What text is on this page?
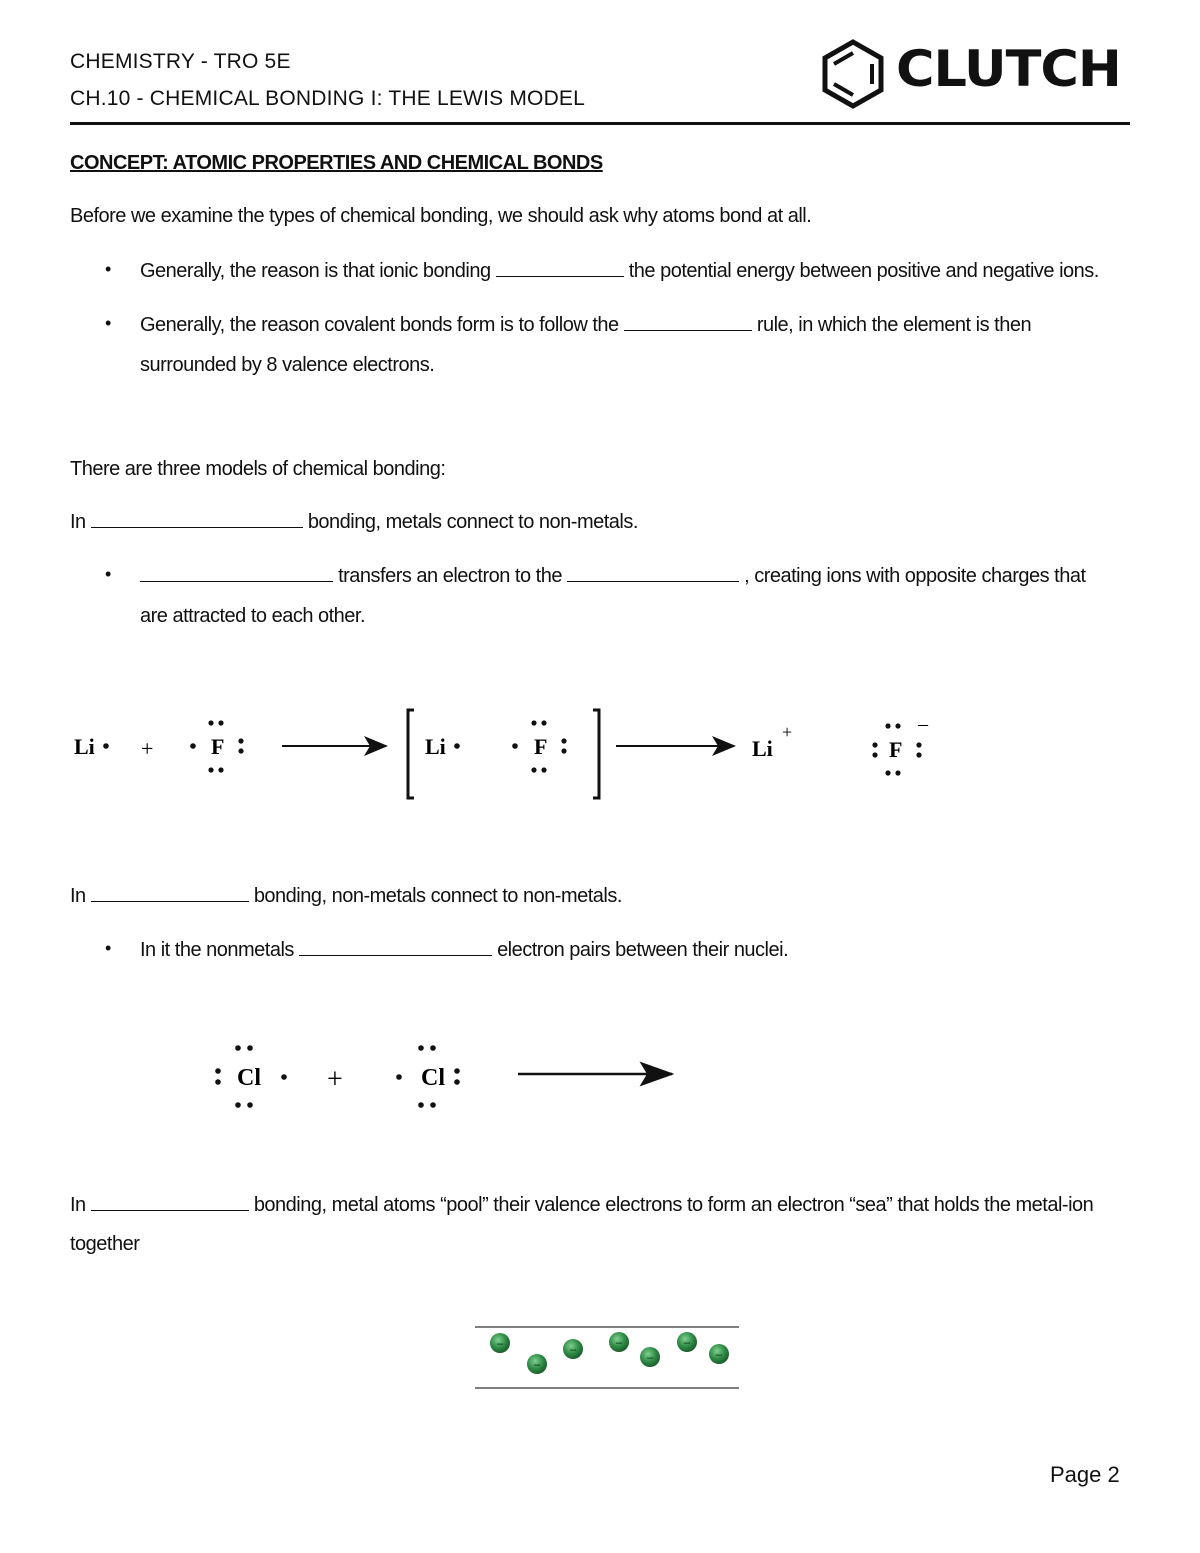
CHEMISTRY - TRO 5E
CH.10 - CHEMICAL BONDING I: THE LEWIS MODEL
CLUTCH
CONCEPT: ATOMIC PROPERTIES AND CHEMICAL BONDS
Before we examine the types of chemical bonding, we should ask why atoms bond at all.
• Generally, the reason is that ionic bonding	the potential energy between positive and negative ions.
• Generally, the reason covalent bonds form is to follow the	rule, in which the element is then
surrounded by 8 valence electrons.
There are three models of chemical bonding:
In	bonding, metals connect to non-metals.
•	transfers an electron to the	, creating ions with opposite charges that
are attracted to each other.
Li +	F	Li	F	Li
+
F
–
In	bonding, non-metals connect to non-metals.
• In it the nonmetals	electron pairs between their nuclei.
Cl +	Cl
In	bonding, metal atoms “pool” their valence electrons to form an electron “sea” that holds the metal-ion
together
–
–
–	–
–
–
–
Page 2
